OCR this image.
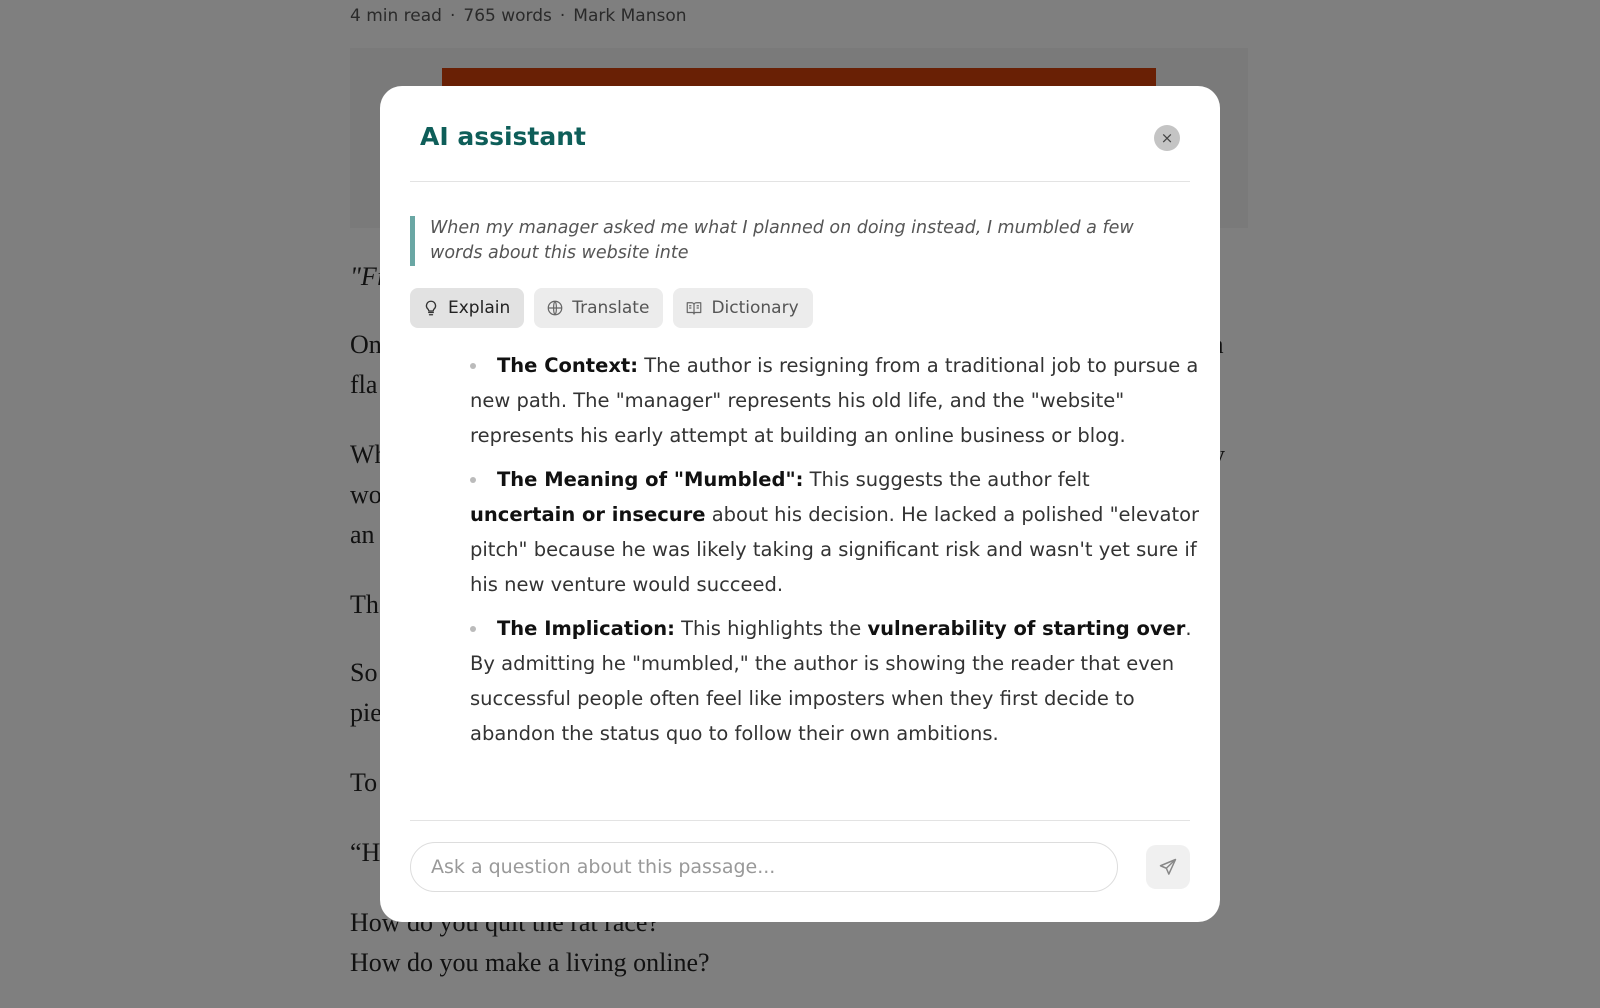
AI assistant	×
When my manager asked me what I planned on doing instead, I mumbled a few words about this website inte
Explain	Translate	Dictionary
The Context: The author is resigning from a traditional job to pursue a new path. The "manager" represents his old life, and the "website" represents his early attempt at building an online business or blog.
The Meaning of "Mumbled": This suggests the author felt uncertain or insecure about his decision. He lacked a polished "elevator pitch" because he was likely taking a significant risk and wasn't yet sure if his new venture would succeed.
The Implication: This highlights the vulnerability of starting over. By admitting he "mumbled," the author is showing the reader that even successful people often feel like imposters when they first decide to abandon the status quo to follow their own ambitions.
Ask a question about this passage...
